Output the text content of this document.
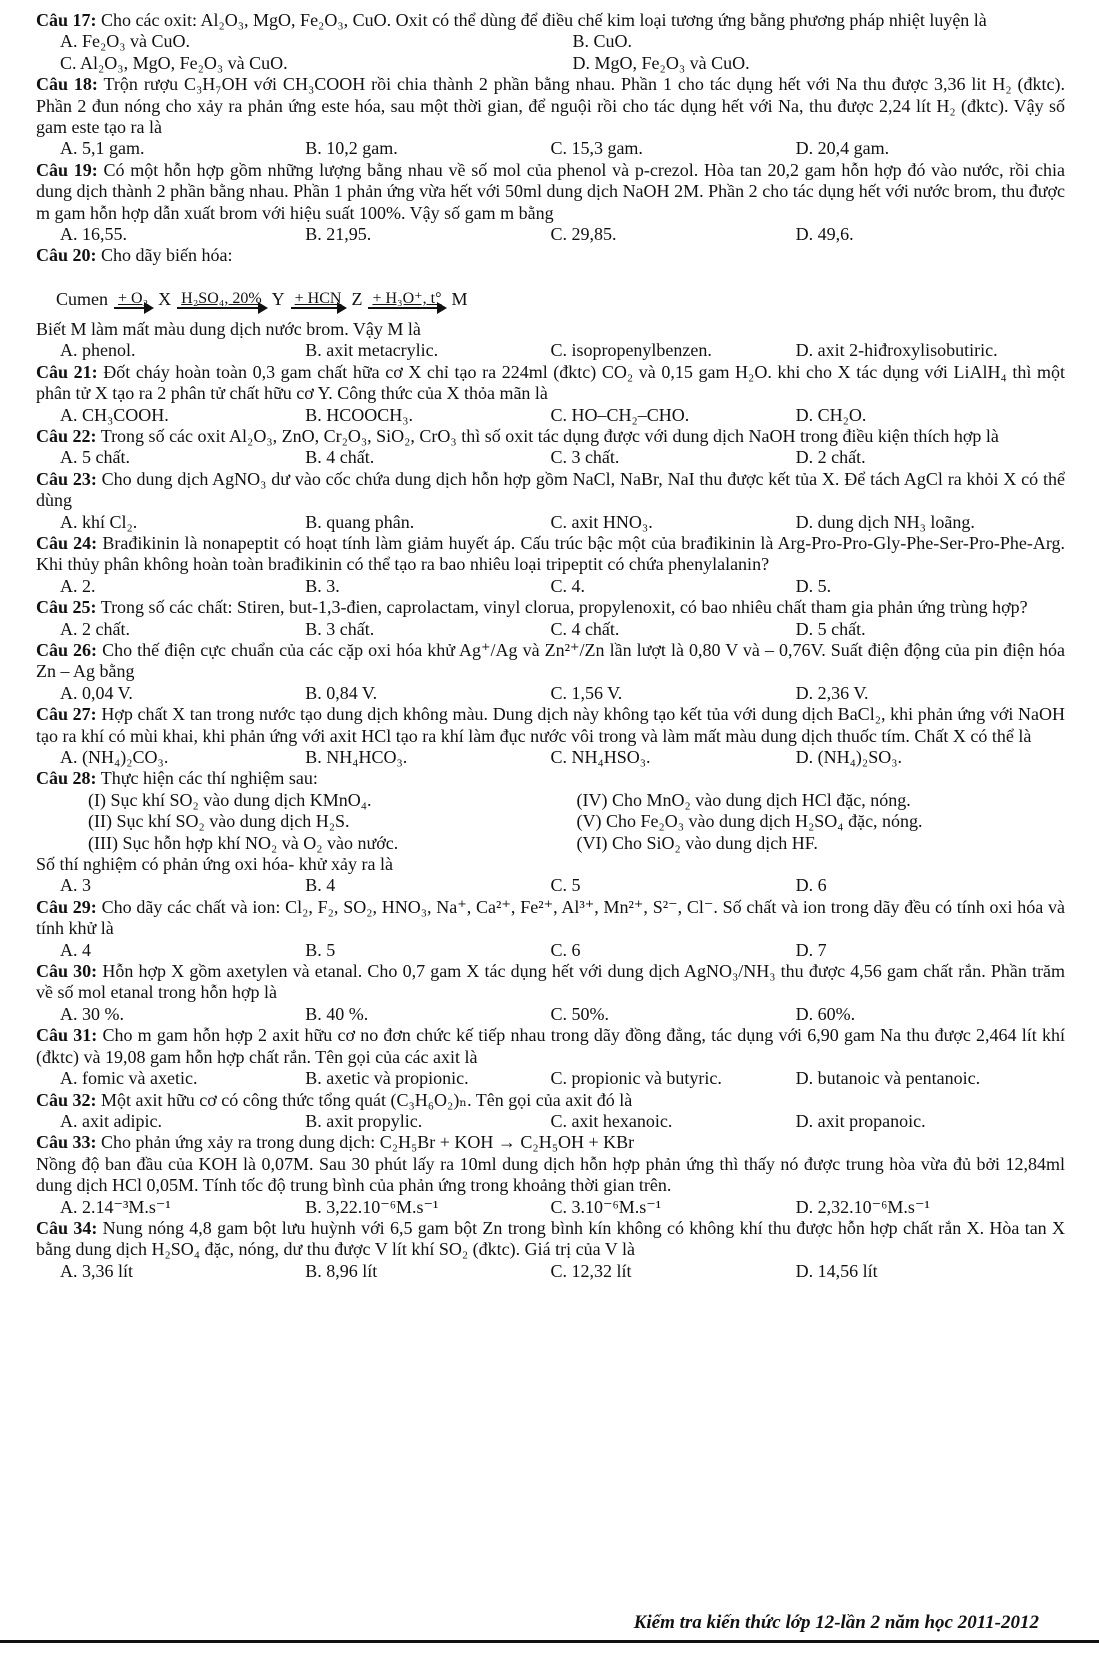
Câu 17: Cho các oxit: Al₂O₃, MgO, Fe₂O₃, CuO. Oxit có thể dùng để điều chế kim loại tương ứng bằng phương pháp nhiệt luyện là

A. Fe₂O₃ và CuO.	B. CuO.
C. Al₂O₃, MgO, Fe₂O₃ và CuO.	D. MgO, Fe₂O₃ và CuO.

Câu 18: Trộn rượu C₃H₇OH với CH₃COOH rồi chia thành 2 phần bằng nhau. Phần 1 cho tác dụng hết với Na thu được 3,36 lit H₂ (đktc). Phần 2 đun nóng cho xảy ra phản ứng este hóa, sau một thời gian, để nguội rồi cho tác dụng hết với Na, thu được 2,24 lít H₂ (đktc). Vậy số gam este tạo ra là

A. 5,1 gam.	B. 10,2 gam.	C. 15,3 gam.	D. 20,4 gam.

Câu 19: Có một hỗn hợp gồm những lượng bằng nhau về số mol của phenol và p-crezol. Hòa tan 20,2 gam hỗn hợp đó vào nước, rồi chia dung dịch thành 2 phần bằng nhau. Phần 1 phản ứng vừa hết với 50ml dung dịch NaOH 2M. Phần 2 cho tác dụng hết với nước brom, thu được m gam hỗn hợp dẫn xuất brom với hiệu suất 100%. Vậy số gam m bằng

A. 16,55.	B. 21,95.	C. 29,85.	D. 49,6.

Câu 20: Cho dãy biến hóa:

Cumen + O₂ X H₂SO₄, 20% Y + HCN Z + H₃O⁺, t° M

Biết M làm mất màu dung dịch nước brom. Vậy M là

A. phenol.	B. axit metacrylic.	C. isopropenylbenzen.	D. axit 2-hiđroxylisobutiric.

Câu 21: Đốt cháy hoàn toàn 0,3 gam chất hữa cơ X chỉ tạo ra 224ml (đktc) CO₂ và 0,15 gam H₂O. khi cho X tác dụng với LiAlH₄ thì một phân tử X tạo ra 2 phân tử chất hữu cơ Y. Công thức của X thỏa mãn là

A. CH₃COOH.	B. HCOOCH₃.	C. HO–CH₂–CHO.	D. CH₂O.

Câu 22: Trong số các oxit Al₂O₃, ZnO, Cr₂O₃, SiO₂, CrO₃ thì số oxit tác dụng được với dung dịch NaOH trong điều kiện thích hợp là

A. 5 chất.	B. 4 chất.	C. 3 chất.	D. 2 chất.

Câu 23: Cho dung dịch AgNO₃ dư vào cốc chứa dung dịch hỗn hợp gồm NaCl, NaBr, NaI thu được kết tủa X. Để tách AgCl ra khỏi X có thể dùng

A. khí Cl₂.	B. quang phân.	C. axit HNO₃.	D. dung dịch NH₃ loãng.

Câu 24: Brađikinin là nonapeptit có hoạt tính làm giảm huyết áp. Cấu trúc bậc một của brađikinin là Arg-Pro-Pro-Gly-Phe-Ser-Pro-Phe-Arg. Khi thủy phân không hoàn toàn brađikinin có thể tạo ra bao nhiêu loại tripeptit có chứa phenylalanin?

A. 2.	B. 3.	C. 4.	D. 5.

Câu 25: Trong số các chất: Stiren, but-1,3-đien, caprolactam, vinyl clorua, propylenoxit, có bao nhiêu chất tham gia phản ứng trùng hợp?

A. 2 chất.	B. 3 chất.	C. 4 chất.	D. 5 chất.

Câu 26: Cho thế điện cực chuẩn của các cặp oxi hóa khử Ag⁺/Ag và Zn²⁺/Zn lần lượt là 0,80 V và – 0,76V. Suất điện động của pin điện hóa Zn – Ag bằng

A. 0,04 V.	B. 0,84 V.	C. 1,56 V.	D. 2,36 V.

Câu 27: Hợp chất X tan trong nước tạo dung dịch không màu. Dung dịch này không tạo kết tủa với dung dịch BaCl₂, khi phản ứng với NaOH tạo ra khí có mùi khai, khi phản ứng với axit HCl tạo ra khí làm đục nước vôi trong và làm mất màu dung dịch thuốc tím. Chất X có thể là

A. (NH₄)₂CO₃.	B. NH₄HCO₃.	C. NH₄HSO₃.	D. (NH₄)₂SO₃.

Câu 28: Thực hiện các thí nghiệm sau:

(I) Sục khí SO₂ vào dung dịch KMnO₄.	(IV) Cho MnO₂ vào dung dịch HCl đặc, nóng.
(II) Sục khí SO₂ vào dung dịch H₂S.	(V) Cho Fe₂O₃ vào dung dịch H₂SO₄ đặc, nóng.
(III) Sục hỗn hợp khí NO₂ và O₂ vào nước.	(VI) Cho SiO₂ vào dung dịch HF.

Số thí nghiệm có phản ứng oxi hóa- khử xảy ra là

A. 3	B. 4	C. 5	D. 6

Câu 29: Cho dãy các chất và ion: Cl₂, F₂, SO₂, HNO₃, Na⁺, Ca²⁺, Fe²⁺, Al³⁺, Mn²⁺, S²⁻, Cl⁻. Số chất và ion trong dãy đều có tính oxi hóa và tính khử là

A. 4	B. 5	C. 6	D. 7

Câu 30: Hỗn hợp X gồm axetylen và etanal. Cho 0,7 gam X tác dụng hết với dung dịch AgNO₃/NH₃ thu được 4,56 gam chất rắn. Phần trăm về số mol etanal trong hỗn hợp là

A. 30 %.	B. 40 %.	C. 50%.	D. 60%.

Câu 31: Cho m gam hỗn hợp 2 axit hữu cơ no đơn chức kế tiếp nhau trong dãy đồng đẳng, tác dụng với 6,90 gam Na thu được 2,464 lít khí (đktc) và 19,08 gam hỗn hợp chất rắn. Tên gọi của các axit là

A. fomic và axetic.	B. axetic và propionic.	C. propionic và butyric.	D. butanoic và pentanoic.

Câu 32: Một axit hữu cơ có công thức tổng quát (C₃H₆O₂)ₙ. Tên gọi của axit đó là

A. axit adipic.	B. axit propylic.	C. axit hexanoic.	D. axit propanoic.

Câu 33: Cho phản ứng xảy ra trong dung dịch: C₂H₅Br + KOH → C₂H₅OH + KBr

Nồng độ ban đầu của KOH là 0,07M. Sau 30 phút lấy ra 10ml dung dịch hỗn hợp phản ứng thì thấy nó được trung hòa vừa đủ bởi 12,84ml dung dịch HCl 0,05M. Tính tốc độ trung bình của phản ứng trong khoảng thời gian trên.

A. 2.14⁻³M.s⁻¹	B. 3,22.10⁻⁶M.s⁻¹	C. 3.10⁻⁶M.s⁻¹	D. 2,32.10⁻⁶M.s⁻¹

Câu 34: Nung nóng 4,8 gam bột lưu huỳnh với 6,5 gam bột Zn trong bình kín không có không khí thu được hỗn hợp chất rắn X. Hòa tan X bằng dung dịch H₂SO₄ đặc, nóng, dư thu được V lít khí SO₂ (đktc). Giá trị của V là

A. 3,36 lít	B. 8,96 lít	C. 12,32 lít	D. 14,56 lít
Kiểm tra kiến thức lớp 12-lần 2 năm học 2011-2012
